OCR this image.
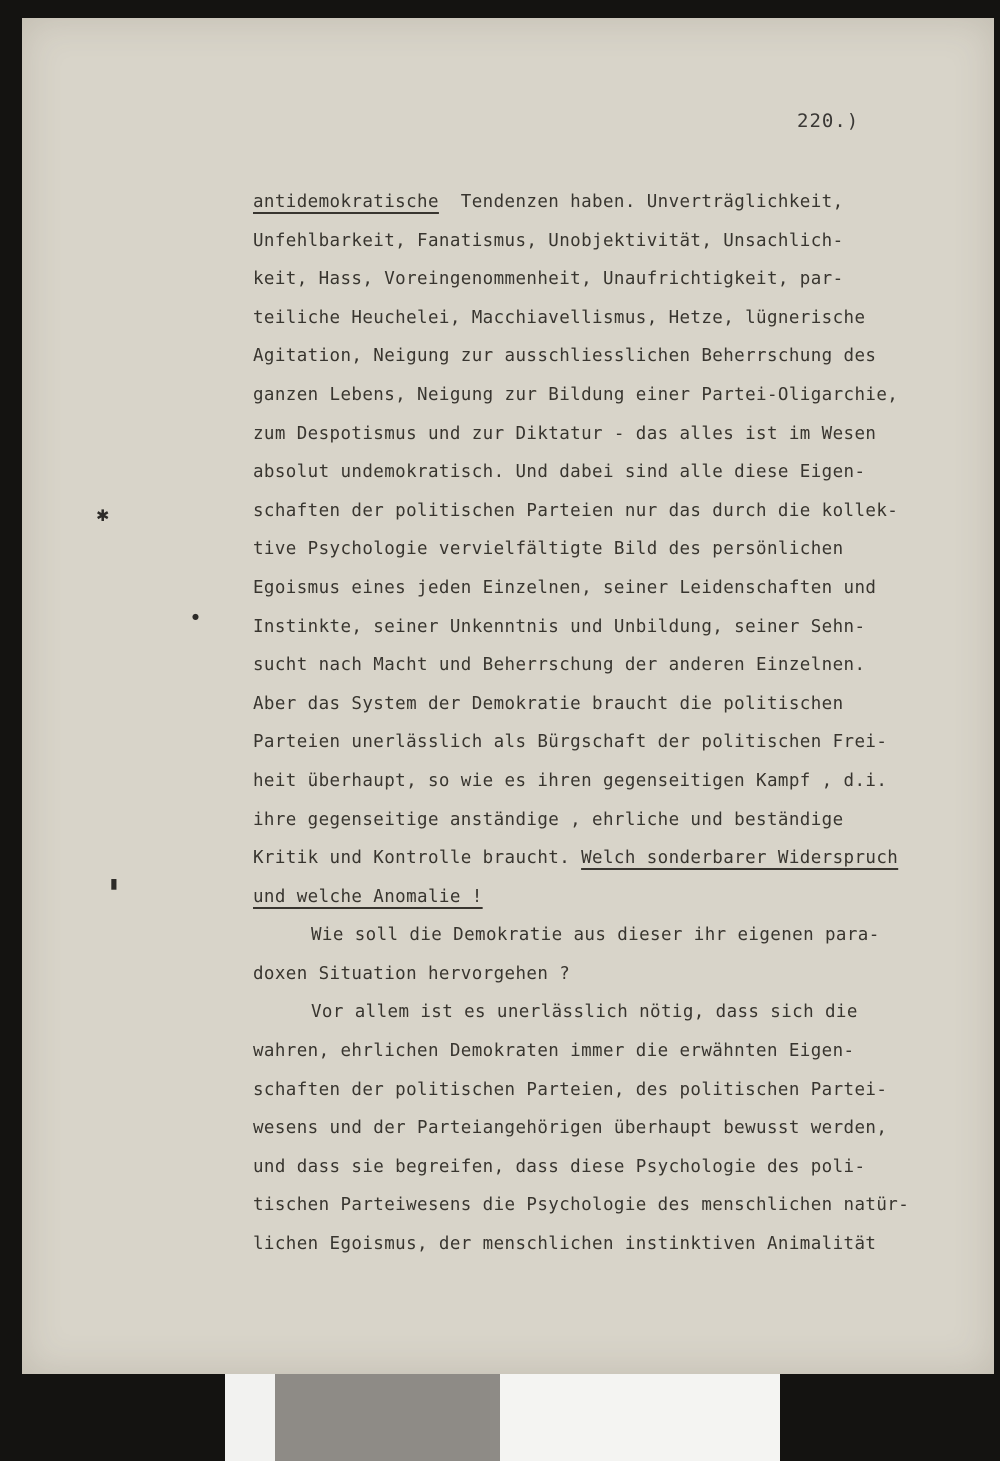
220.)
antidemokratische  Tendenzen haben. Unverträglichkeit,
Unfehlbarkeit, Fanatismus, Unobjektivität, Unsachlich-
keit, Hass, Voreingenommenheit, Unaufrichtigkeit, par-
teiliche Heuchelei, Macchiavellismus, Hetze, lügnerische
Agitation, Neigung zur ausschliesslichen Beherrschung des
ganzen Lebens, Neigung zur Bildung einer Partei-Oligarchie,
zum Despotismus und zur Diktatur - das alles ist im Wesen
absolut undemokratisch. Und dabei sind alle diese Eigen-
schaften der politischen Parteien nur das durch die kollek-
tive Psychologie vervielfältigte Bild des persönlichen
Egoismus eines jeden Einzelnen, seiner Leidenschaften und
Instinkte, seiner Unkenntnis und Unbildung, seiner Sehn-
sucht nach Macht und Beherrschung der anderen Einzelnen.
Aber das System der Demokratie braucht die politischen
Parteien unerlässlich als Bürgschaft der politischen Frei-
heit überhaupt, so wie es ihren gegenseitigen Kampf , d.i.
ihre gegenseitige anständige , ehrliche und beständige
Kritik und Kontrolle braucht. Welch sonderbarer Widerspruch
und welche Anomalie !
Wie soll die Demokratie aus dieser ihr eigenen para-
doxen Situation hervorgehen ?
Vor allem ist es unerlässlich nötig, dass sich die
wahren, ehrlichen Demokraten immer die erwähnten Eigen-
schaften der politischen Parteien, des politischen Partei-
wesens und der Parteiangehörigen überhaupt bewusst werden,
und dass sie begreifen, dass diese Psychologie des poli-
tischen Parteiwesens die Psychologie des menschlichen natür-
lichen Egoismus, der menschlichen instinktiven Animalität
✱
●
▮
